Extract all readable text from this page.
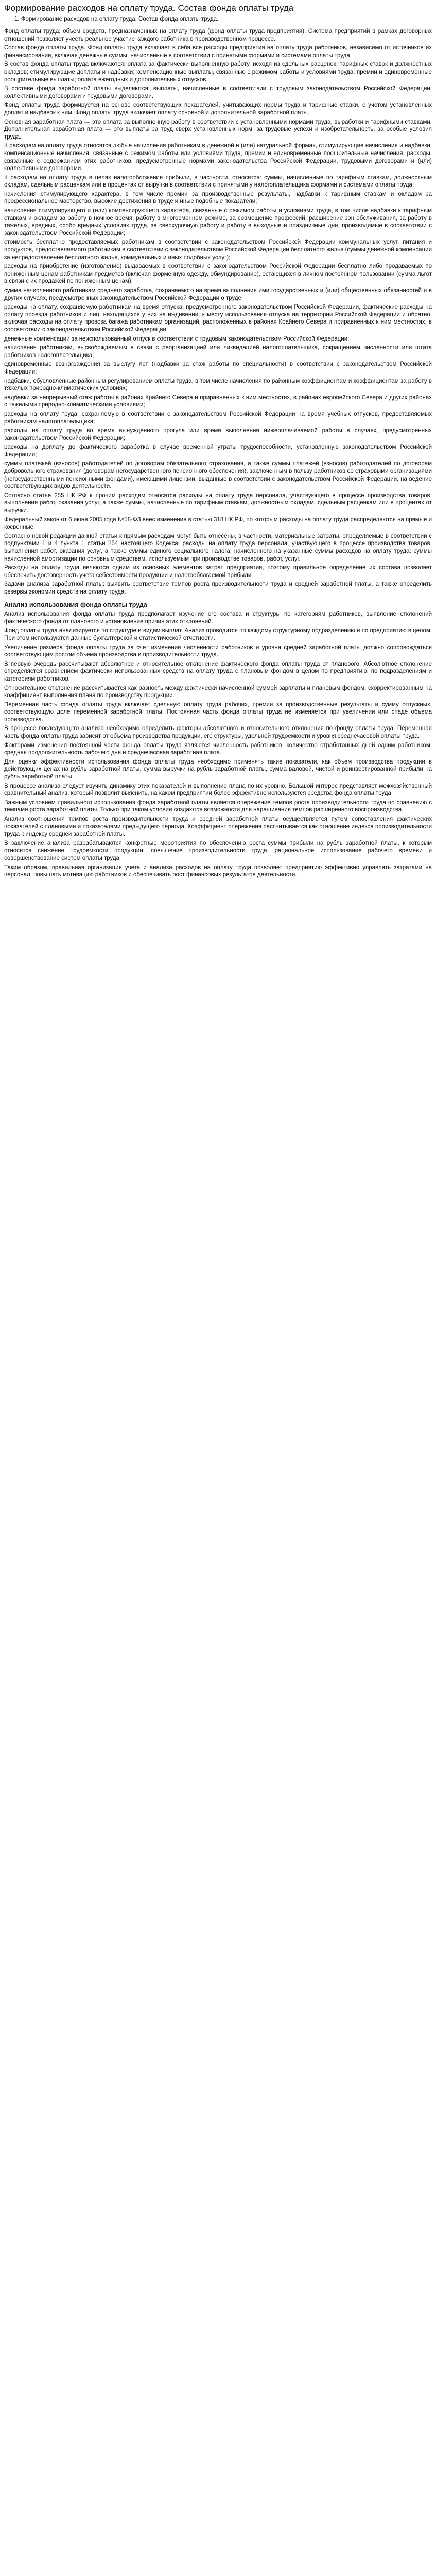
Формирование расходов на оплату труда. Состав фонда оплаты труда
1. Формирование расходов на оплату труда. Состав фонда оплаты труда.

Фонд оплаты труда; объем средств, предназначенных на оплату труда (фонд оплаты труда предприятия). Система предприятий в рамках договорных отношений позволяет учесть реальное участие каждого работника в производственном процессе.

Состав фонда оплаты труда. Фонд оплаты труда включает в себя все расходы предприятия на оплату труда работников, независимо от источников их финансирования, включая денежные суммы, начисленные в соответствии с принятыми формами и системами оплаты труда.

В состав фонда оплаты труда включаются: оплата за фактически выполненную работу, исходя из сдельных расценок, тарифных ставок и должностных окладов; стимулирующие доплаты и надбавки; компенсационные выплаты, связанные с режимом работы и условиями труда; премии и единовременные поощрительные выплаты; оплата ежегодных и дополнительных отпусков.

В составе фонда заработной платы выделяются: выплаты, начисленные в соответствии с трудовым законодательством Российской Федерации, коллективными договорами и трудовыми договорами.

Фонд оплаты труда формируется на основе соответствующих показателей, учитывающих нормы труда и тарифные ставки, с учетом установленных доплат и надбавок к ним. Фонд оплаты труда включает оплату основной и дополнительной заработной платы.

Основная заработная плата — это оплата за выполненную работу в соответствии с установленными нормами труда, выработки и тарифными ставками. Дополнительная заработная плата — это выплаты за труд сверх установленных норм, за трудовые успехи и изобретательность, за особые условия труда.

К расходам на оплату труда относятся любые начисления работникам в денежной и (или) натуральной формах, стимулирующие начисления и надбавки, компенсационные начисления, связанные с режимом работы или условиями труда, премии и единовременные поощрительные начисления, расходы, связанные с содержанием этих работников, предусмотренные нормами законодательства Российской Федерации, трудовыми договорами и (или) коллективными договорами.

К расходам на оплату труда в целях налогообложения прибыли, в частности, относятся: суммы, начисленные по тарифным ставкам, должностным окладам, сдельным расценкам или в процентах от выручки в соответствии с принятыми у налогоплательщика формами и системами оплаты труда;

начисления стимулирующего характера, в том числе премии за производственные результаты, надбавки к тарифным ставкам и окладам за профессиональное мастерство, высокие достижения в труде и иные подобные показатели;

начисления стимулирующего и (или) компенсирующего характера, связанные с режимом работы и условиями труда, в том числе надбавки к тарифным ставкам и окладам за работу в ночное время, работу в многосменном режиме, за совмещение профессий, расширение зон обслуживания, за работу в тяжелых, вредных, особо вредных условиях труда, за сверхурочную работу и работу в выходные и праздничные дни, производимые в соответствии с законодательством Российской Федерации;

стоимость бесплатно предоставляемых работникам в соответствии с законодательством Российской Федерации коммунальных услуг, питания и продуктов, предоставляемого работникам в соответствии с законодательством Российской Федерации бесплатного жилья (суммы денежной компенсации за непредоставление бесплатного жилья, коммунальных и иных подобных услуг);

расходы на приобретение (изготовление) выдаваемых в соответствии с законодательством Российской Федерации бесплатно либо продаваемых по пониженным ценам работникам предметов (включая форменную одежду, обмундирование), остающихся в личном постоянном пользовании (сумма льгот в связи с их продажей по пониженным ценам);

сумма начисленного работникам среднего заработка, сохраняемого на время выполнения ими государственных и (или) общественных обязанностей и в других случаях, предусмотренных законодательством Российской Федерации о труде;

расходы на оплату, сохраняемую работникам на время отпуска, предусмотренного законодательством Российской Федерации, фактические расходы на оплату проезда работников и лиц, находящихся у них на иждивении, к месту использования отпуска на территории Российской Федерации и обратно, включая расходы на оплату провоза багажа работникам организаций, расположенных в районах Крайнего Севера и приравненных к ним местностях, в соответствии с законодательством Российской Федерации;

денежные компенсации за неиспользованный отпуск в соответствии с трудовым законодательством Российской Федерации;

начисления работникам, высвобождаемым в связи с реорганизацией или ликвидацией налогоплательщика, сокращением численности или штата работников налогоплательщика;

единовременные вознаграждения за выслугу лет (надбавки за стаж работы по специальности) в соответствии с законодательством Российской Федерации;

надбавки, обусловленные районным регулированием оплаты труда, в том числе начисления по районным коэффициентам и коэффициентам за работу в тяжелых природно-климатических условиях;

надбавки за непрерывный стаж работы в районах Крайнего Севера и приравненных к ним местностях, в районах европейского Севера и других районах с тяжелыми природно-климатическими условиями;

расходы на оплату труда, сохраняемую в соответствии с законодательством Российской Федерации на время учебных отпусков, предоставляемых работникам налогоплательщика;

расходы на оплату труда во время вынужденного прогула или время выполнения нижеоплачиваемой работы в случаях, предусмотренных законодательством Российской Федерации;

расходы на доплату до фактического заработка в случае временной утраты трудоспособности, установленную законодательством Российской Федерации;

суммы платежей (взносов) работодателей по договорам обязательного страхования, а также суммы платежей (взносов) работодателей по договорам добровольного страхования (договорам негосударственного пенсионного обеспечения), заключенным в пользу работников со страховыми организациями (негосударственными пенсионными фондами), имеющими лицензии, выданные в соответствии с законодательством Российской Федерации, на ведение соответствующих видов деятельности.

Согласно статье 255 НК РФ к прочим расходам относятся расходы на оплату труда персонала, участвующего в процессе производства товаров, выполнения работ, оказания услуг, а также суммы, начисленные по тарифным ставкам, должностным окладам, сдельным расценкам или в процентах от выручки.

Федеральный закон от 6 июня 2005 года №58-ФЗ внес изменения в статью 318 НК РФ, по которым расходы на оплату труда распределяются на прямые и косвенные.

Согласно новой редакции данной статьи к прямым расходам могут быть отнесены, в частности, материальные затраты, определяемые в соответствии с подпунктами 1 и 4 пункта 1 статьи 254 настоящего Кодекса; расходы на оплату труда персонала, участвующего в процессе производства товаров, выполнения работ, оказания услуг, а также суммы единого социального налога, начисленного на указанные суммы расходов на оплату труда; суммы начисленной амортизации по основным средствам, используемым при производстве товаров, работ, услуг.

Расходы на оплату труда являются одним из основных элементов затрат предприятия, поэтому правильное определение их состава позволяет обеспечить достоверность учета себестоимости продукции и налогооблагаемой прибыли.

Задачи анализа заработной платы: выявить соответствие темпов роста производительности труда и средней заработной платы, а также определить резервы экономии средств на оплату труда.

Анализ использования фонда оплаты труда

Анализ использования фонда оплаты труда предполагает изучение его состава и структуры по категориям работников, выявление отклонений фактического фонда от планового и установление причин этих отклонений.

Фонд оплаты труда анализируется по структуре и видам выплат. Анализ проводится по каждому структурному подразделению и по предприятию в целом. При этом используются данные бухгалтерской и статистической отчетности.

Увеличение размера фонда оплаты труда за счет изменения численности работников и уровня средней заработной платы должно сопровождаться соответствующим ростом объема производства и производительности труда.

В первую очередь рассчитывают абсолютное и относительное отклонение фактического фонда оплаты труда от планового. Абсолютное отклонение определяется сравнением фактически использованных средств на оплату труда с плановым фондом в целом по предприятию, по подразделениям и категориям работников.

Относительное отклонение рассчитывается как разность между фактически начисленной суммой зарплаты и плановым фондом, скорректированным на коэффициент выполнения плана по производству продукции.

Переменная часть фонда оплаты труда включает сдельную оплату труда рабочих, премии за производственные результаты и сумму отпускных, соответствующую доле переменной заработной платы. Постоянная часть фонда оплаты труда не изменяется при увеличении или спаде объема производства.

В процессе последующего анализа необходимо определить факторы абсолютного и относительного отклонения по фонду оплаты труда. Переменная часть фонда оплаты труда зависит от объема производства продукции, его структуры, удельной трудоемкости и уровня среднечасовой оплаты труда.

Факторами изменения постоянной части фонда оплаты труда являются численность работников, количество отработанных дней одним работником, средняя продолжительность рабочего дня и среднечасовая заработная плата.

Для оценки эффективности использования фонда оплаты труда необходимо применять такие показатели, как объем производства продукции в действующих ценах на рубль заработной платы, сумма выручки на рубль заработной платы, сумма валовой, чистой и реинвестированной прибыли на рубль заработной платы.

В процессе анализа следует изучить динамику этих показателей и выполнение плана по их уровню. Большой интерес представляет межхозяйственный сравнительный анализ, который позволит выяснить, на каком предприятии более эффективно используются средства фонда оплаты труда.

Важным условием правильного использования фонда заработной платы является опережение темпов роста производительности труда по сравнению с темпами роста заработной платы. Только при таком условии создаются возможности для наращивания темпов расширенного воспроизводства.

Анализ соотношения темпов роста производительности труда и средней заработной платы осуществляется путем сопоставления фактических показателей с плановыми и показателями предыдущего периода. Коэффициент опережения рассчитывается как отношение индекса производительности труда к индексу средней заработной платы.

В заключение анализа разрабатываются конкретные мероприятия по обеспечению роста суммы прибыли на рубль заработной платы, к которым относятся снижение трудоемкости продукции, повышение производительности труда, рациональное использование рабочего времени и совершенствование систем оплаты труда.

Таким образом, правильная организация учета и анализа расходов на оплату труда позволяет предприятию эффективно управлять затратами на персонал, повышать мотивацию работников и обеспечивать рост финансовых результатов деятельности.
